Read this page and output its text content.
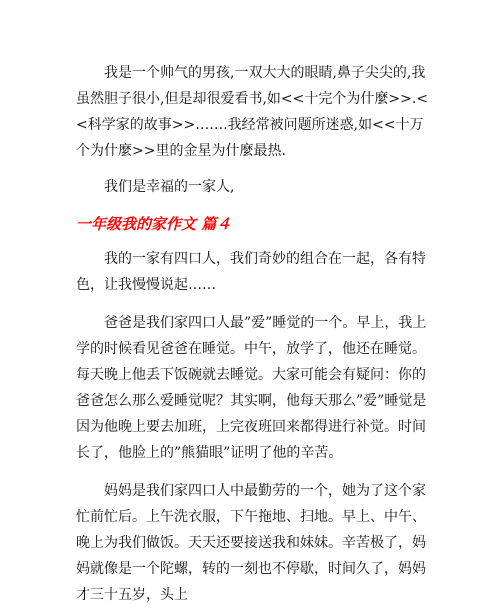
我是一个帅气的男孩,一双大大的眼睛,鼻子尖尖的,我虽然胆子很小,但是却很爱看书,如<<十完个为什麼>>.<<科学家的故事>>…….我经常被问题所迷惑,如<<十万个为什麼>>里的金星为什麼最热.

我们是幸福的一家人,

一年级我的家作文 篇４

我的一家有四口人，我们奇妙的组合在一起，各有特色，让我慢慢说起……

爸爸是我们家四口人最”爱”睡觉的一个。早上，我上学的时候看见爸爸在睡觉。中午，放学了，他还在睡觉。每天晚上他丢下饭碗就去睡觉。大家可能会有疑问：你的爸爸怎么那么爱睡觉呢？其实啊，他每天那么”爱”睡觉是因为他晚上要去加班，上完夜班回来都得进行补觉。时间长了，他脸上的”熊猫眼”证明了他的辛苦。

妈妈是我们家四口人中最勤劳的一个，她为了这个家忙前忙后。上午洗衣服，下午拖地、扫地。早上、中午、晚上为我们做饭。天天还要接送我和妹妹。辛苦极了，妈妈就像是一个陀螺，转的一刻也不停歇，时间久了，妈妈才三十五岁，头上
